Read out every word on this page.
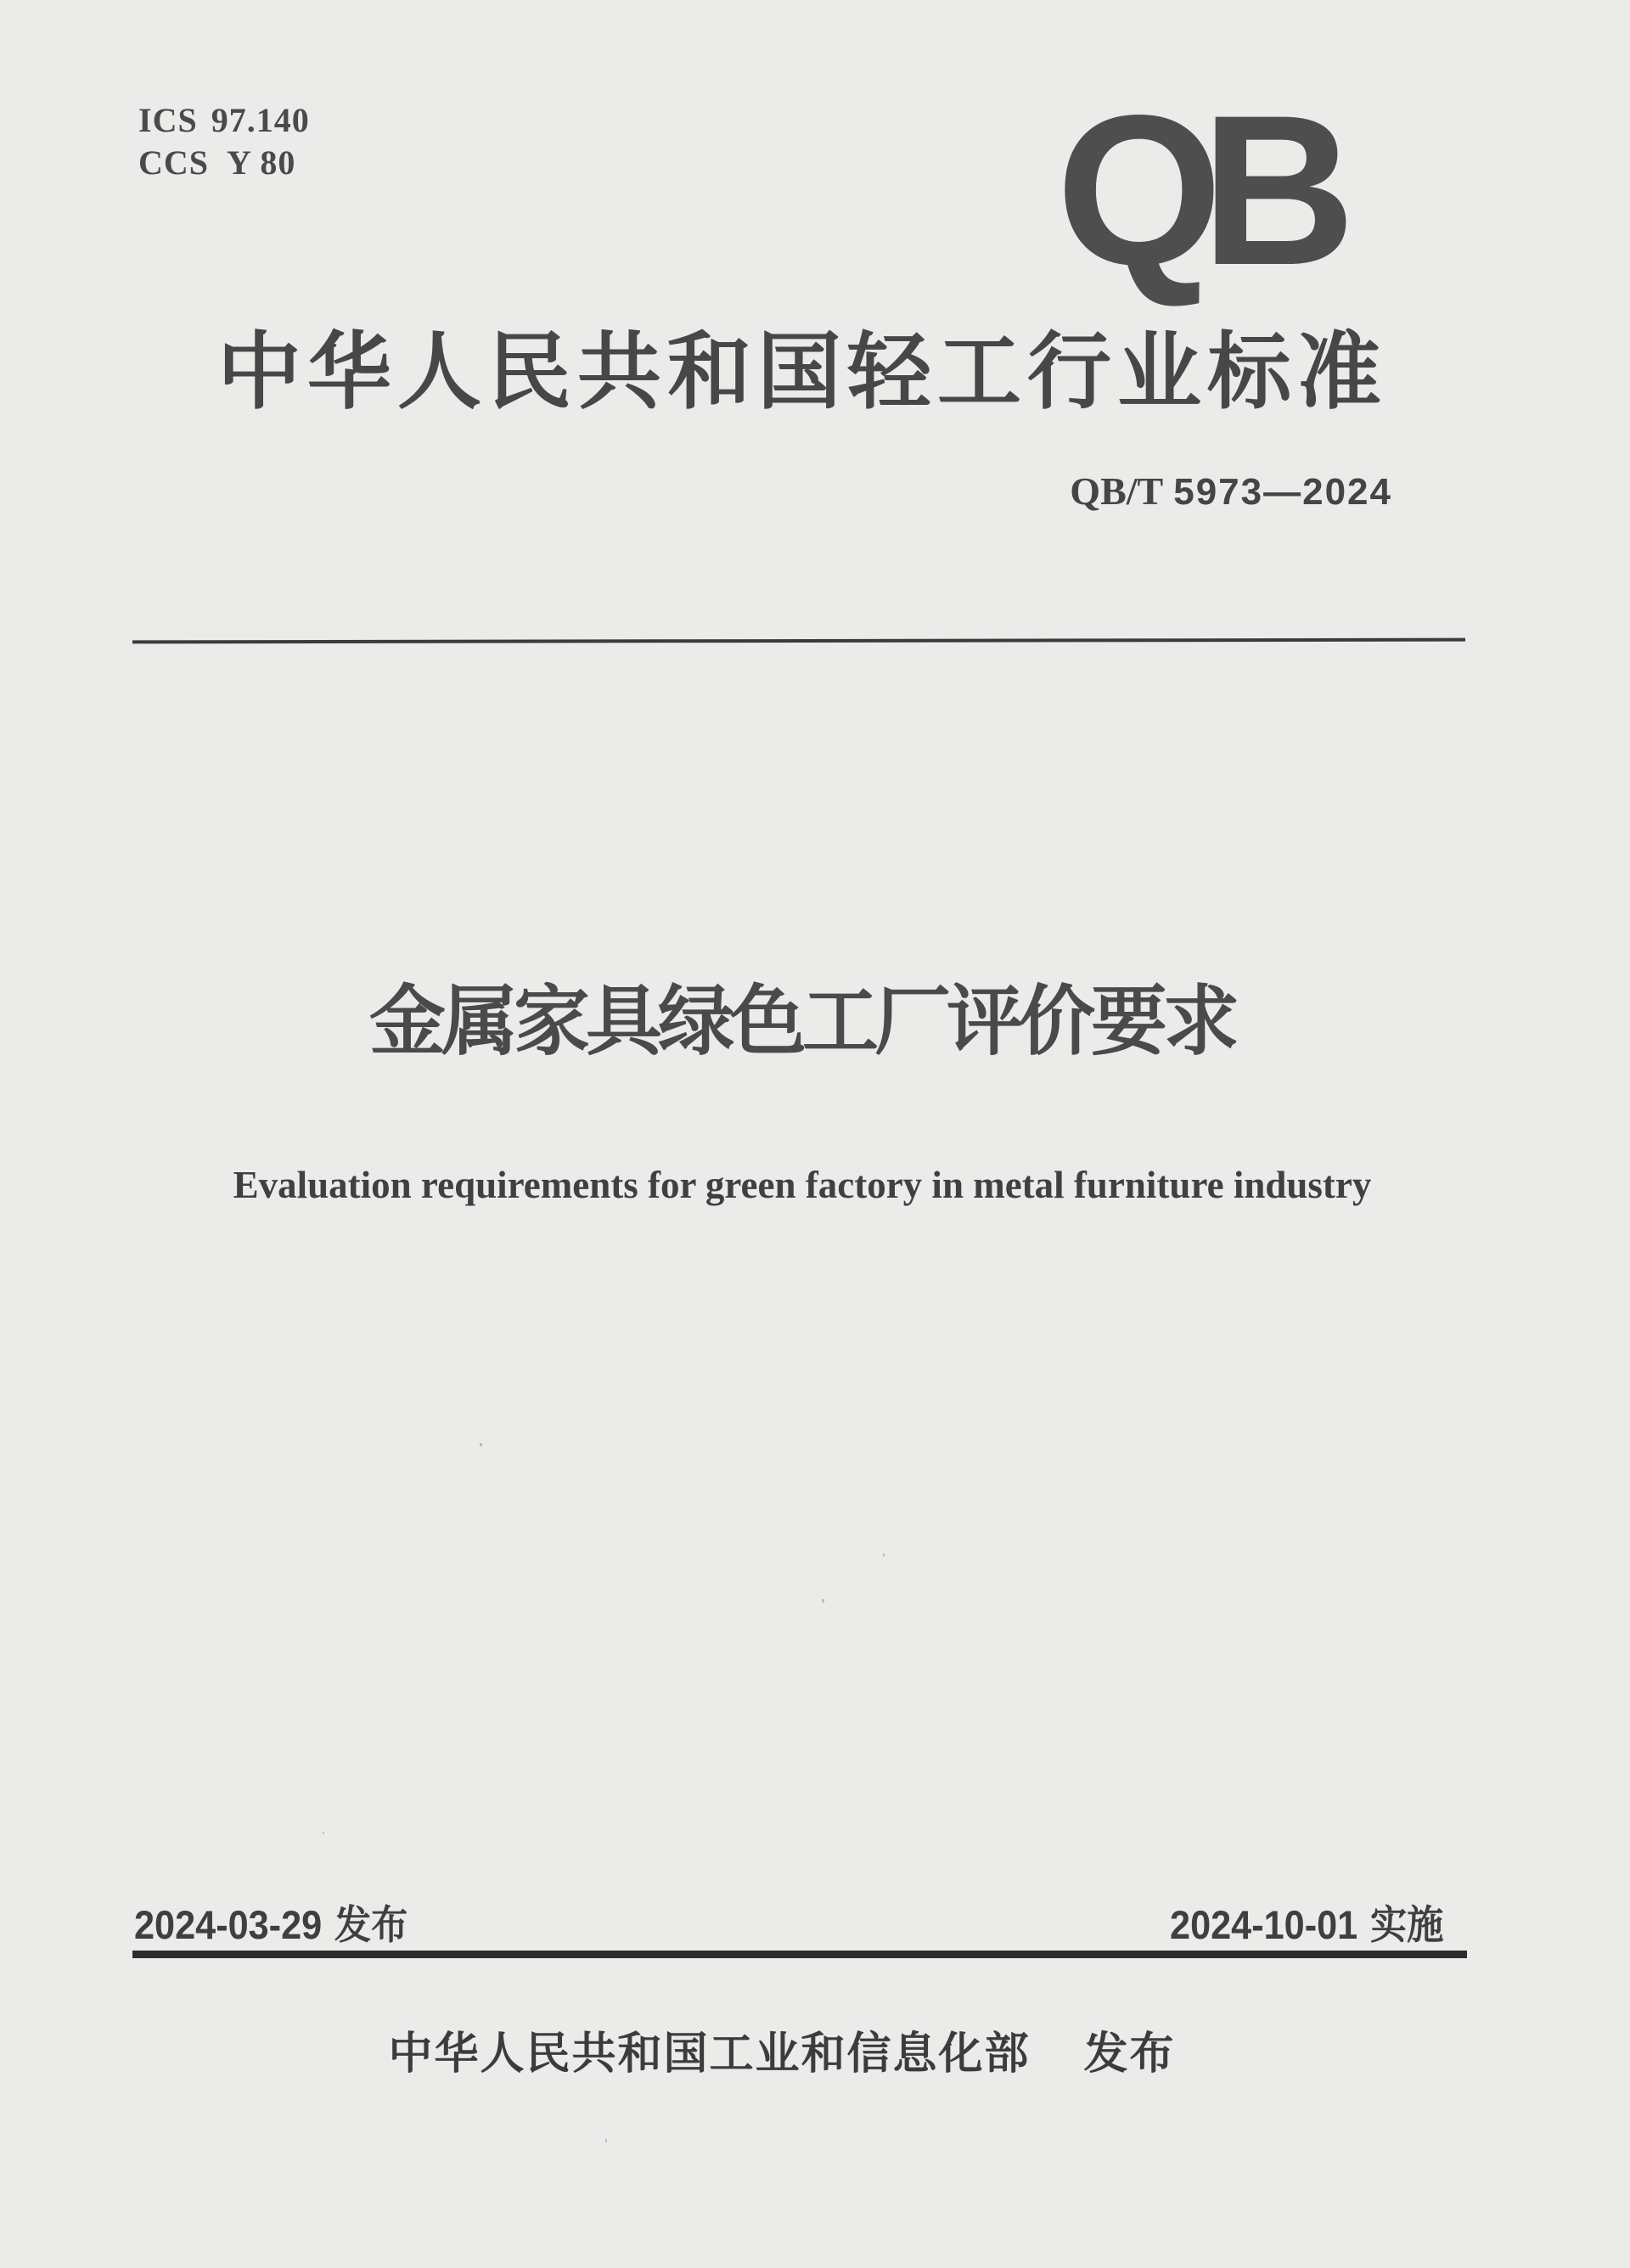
ICS 97.140
CCS Y 80	QB
中华人民共和国轻工行业标准
QB/T 5973—2024
金属家具绿色工厂评价要求
Evaluation requirements for green factory in metal furniture industry
2024-03-29 发布	2024-10-01 实施
中华人民共和国工业和信息化部 发布
